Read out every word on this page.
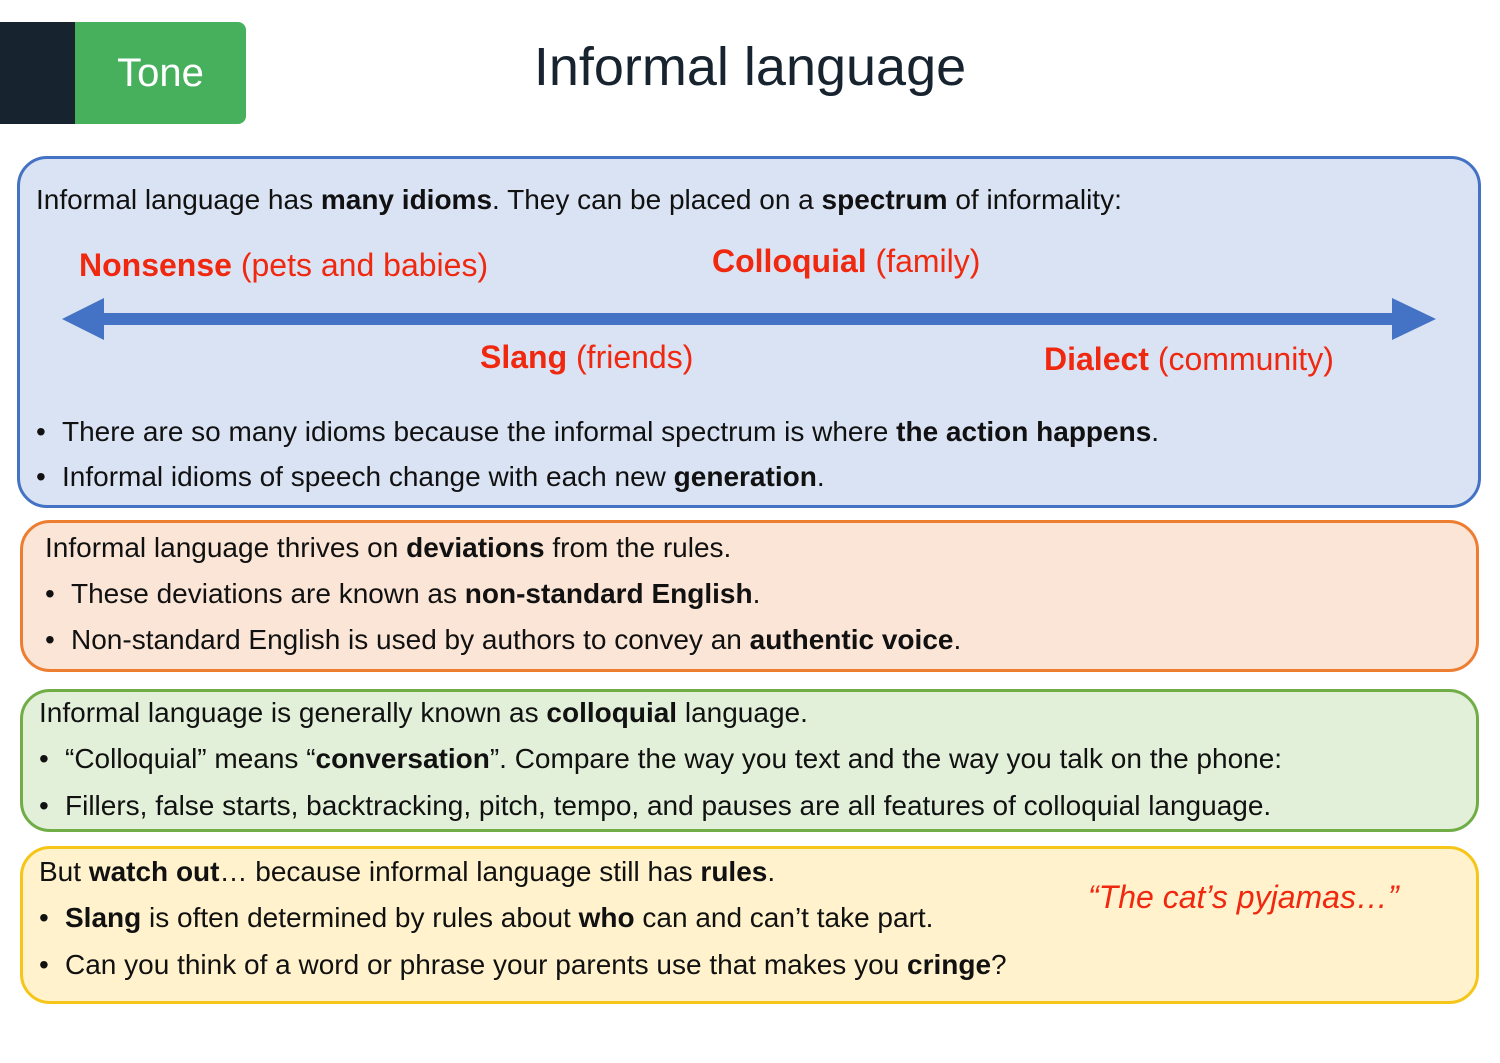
Tone	Informal language
Informal language has many idioms. They can be placed on a spectrum of informality:
Nonsense (pets and babies)	Colloquial (family)
Slang (friends)	Dialect (community)
• There are so many idioms because the informal spectrum is where the action happens.
• Informal idioms of speech change with each new generation.
Informal language thrives on deviations from the rules.
• These deviations are known as non-standard English.
• Non-standard English is used by authors to convey an authentic voice.
Informal language is generally known as colloquial language.
• “Colloquial” means “conversation”. Compare the way you text and the way you talk on the phone:
• Fillers, false starts, backtracking, pitch, tempo, and pauses are all features of colloquial language.
But watch out… because informal language still has rules.
• Slang is often determined by rules about who can and can’t take part.
• Can you think of a word or phrase your parents use that makes you cringe?
“The cat’s pyjamas…”
